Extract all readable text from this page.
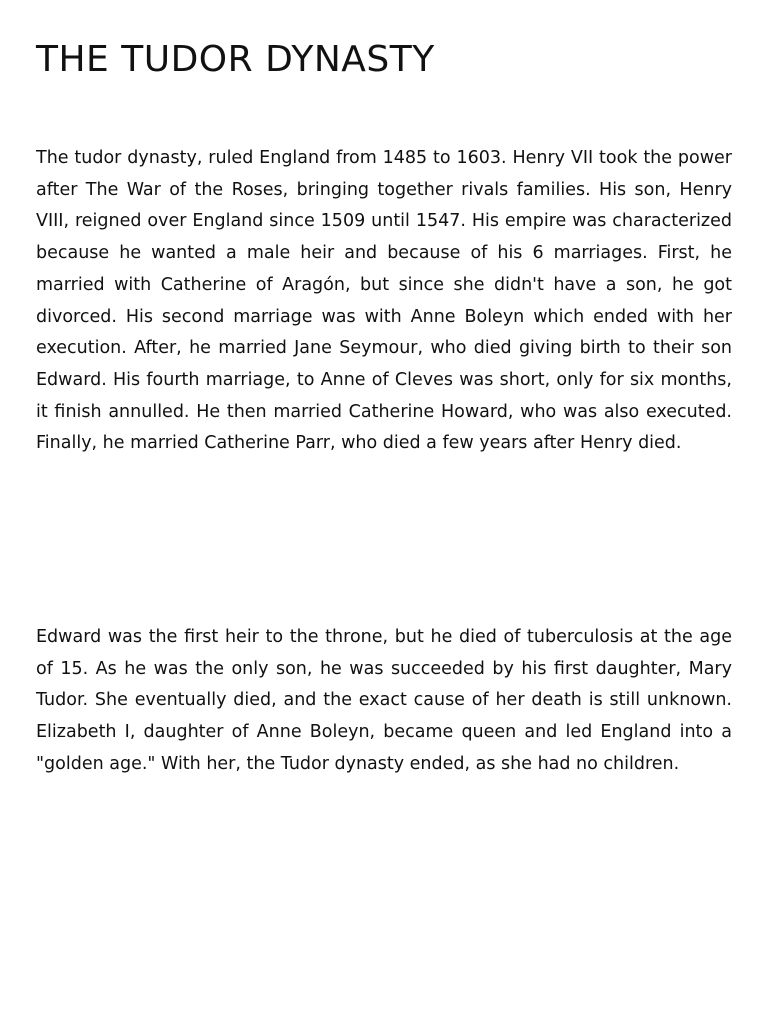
THE TUDOR DYNASTY

The tudor dynasty, ruled England from 1485 to 1603. Henry VII took the power after The War of the Roses, bringing together rivals families. His son, Henry VIII, reigned over England since 1509 until 1547. His empire was characterized because he wanted a male heir and because of his 6 marriages. First, he married with Catherine of Aragón, but since she didn't have a son, he got divorced. His second marriage was with Anne Boleyn which ended with her execution. After, he married Jane Seymour, who died giving birth to their son Edward. His fourth marriage, to Anne of Cleves was short, only for six months, it finish annulled. He then married Catherine Howard, who was also executed. Finally, he married Catherine Parr, who died a few years after Henry died.

Edward was the first heir to the throne, but he died of tuberculosis at the age of 15. As he was the only son, he was succeeded by his first daughter, Mary Tudor. She eventually died, and the exact cause of her death is still unknown. Elizabeth I, daughter of Anne Boleyn, became queen and led England into a "golden age." With her, the Tudor dynasty ended, as she had no children.
